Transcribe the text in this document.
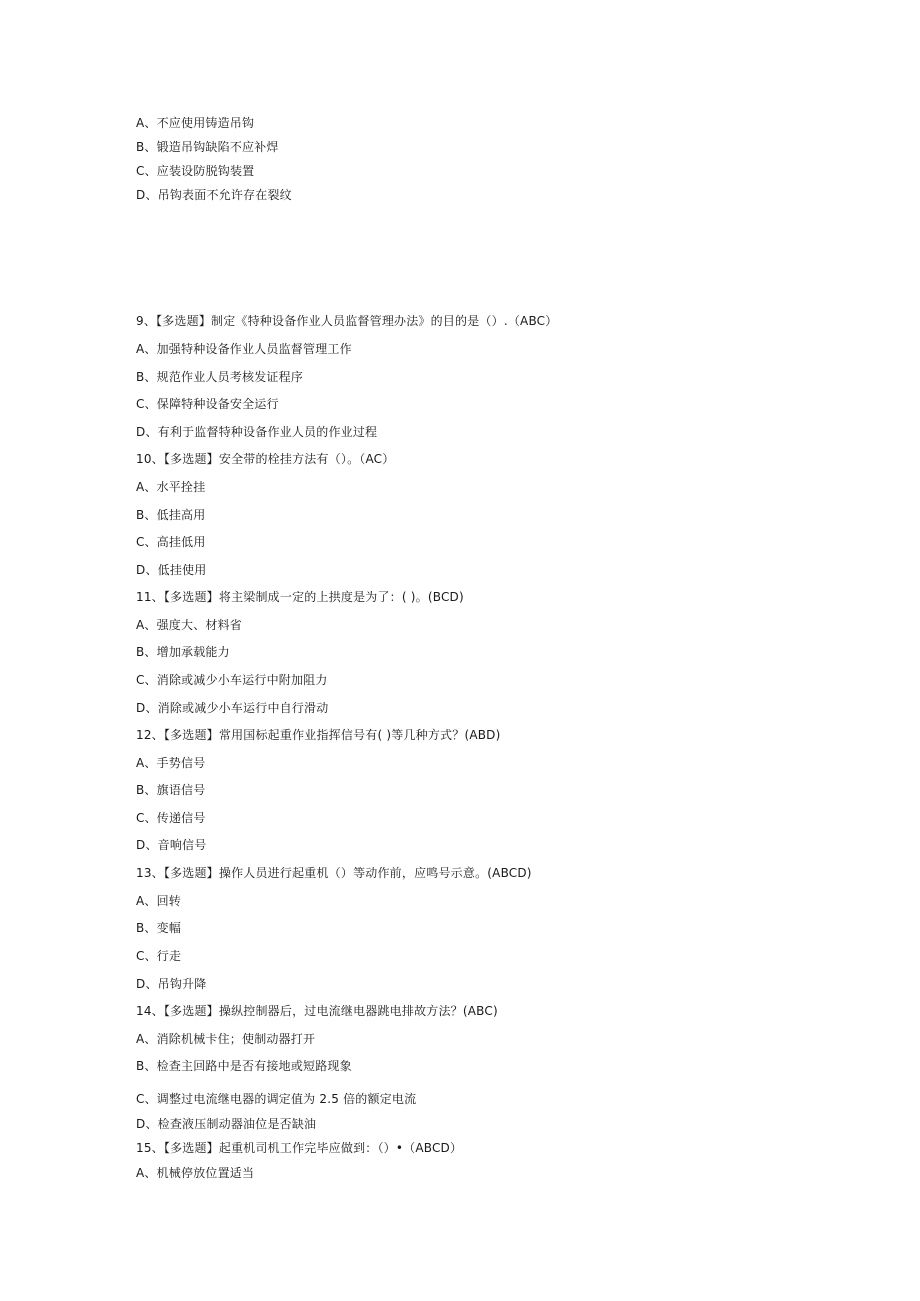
A、不应使用铸造吊钩
B、锻造吊钩缺陷不应补焊
C、应装设防脱钩装置
D、吊钩表面不允许存在裂纹
9、【多选题】制定《特种设备作业人员监督管理办法》的目的是（）.（ABC）
A、加强特种设备作业人员监督管理工作
B、规范作业人员考核发证程序
C、保障特种设备安全运行
D、有利于监督特种设备作业人员的作业过程
10、【多选题】安全带的栓挂方法有（）。（AC）
A、水平拴挂
B、低挂高用
C、高挂低用
D、低挂使用
11、【多选题】将主梁制成一定的上拱度是为了：( )。(BCD)
A、强度大、材料省
B、增加承载能力
C、消除或减少小车运行中附加阻力
D、消除或减少小车运行中自行滑动
12、【多选题】常用国标起重作业指挥信号有( )等几种方式？(ABD)
A、手势信号
B、旗语信号
C、传递信号
D、音响信号
13、【多选题】操作人员进行起重机（）等动作前，应鸣号示意。(ABCD)
A、回转
B、变幅
C、行走
D、吊钩升降
14、【多选题】操纵控制器后，过电流继电器跳电排故方法？(ABC)
A、消除机械卡住；使制动器打开
B、检查主回路中是否有接地或短路现象
C、调整过电流继电器的调定值为 2.5 倍的额定电流
D、检查液压制动器油位是否缺油
15、【多选题】起重机司机工作完毕应做到：（）•（ABCD）
A、机械停放位置适当
